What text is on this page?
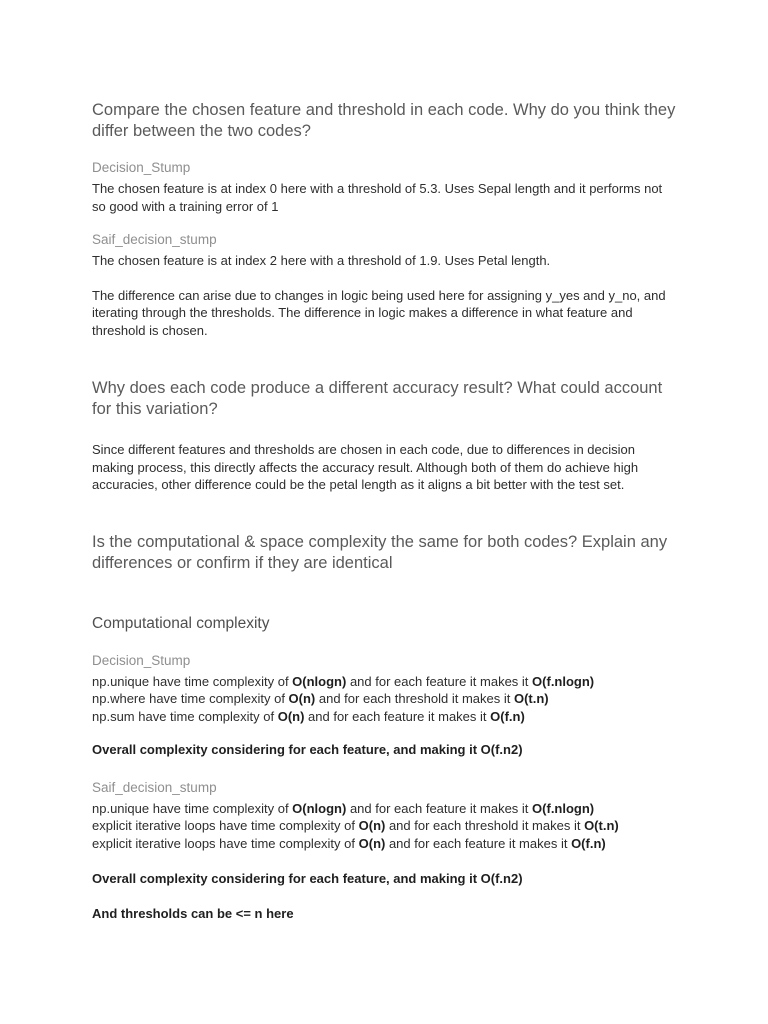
Compare the chosen feature and threshold in each code. Why do you think they differ between the two codes?

Decision_Stump

The chosen feature is at index 0 here with a threshold of 5.3. Uses Sepal length and it performs not so good with a training error of 1

Saif_decision_stump

The chosen feature is at index 2 here with a threshold of 1.9. Uses Petal length.

The difference can arise due to changes in logic being used here for assigning y_yes and y_no, and iterating through the thresholds. The difference in logic makes a difference in what feature and threshold is chosen.

Why does each code produce a different accuracy result? What could account for this variation?

Since different features and thresholds are chosen in each code, due to differences in decision making process, this directly affects the accuracy result. Although both of them do achieve high accuracies, other difference could be the petal length as it aligns a bit better with the test set.

Is the computational & space complexity the same for both codes? Explain any differences or confirm if they are identical
Computational complexity

Decision_Stump

np.unique have time complexity of O(nlogn) and for each feature it makes it O(f.nlogn)
np.where have time complexity of O(n) and for each threshold it makes it O(t.n)
np.sum have time complexity of O(n) and for each feature it makes it O(f.n)

Overall complexity considering for each feature, and making it O(f.n2)

Saif_decision_stump

np.unique have time complexity of O(nlogn) and for each feature it makes it O(f.nlogn)
explicit iterative loops have time complexity of O(n) and for each threshold it makes it O(t.n)
explicit iterative loops have time complexity of O(n) and for each feature it makes it O(f.n)

Overall complexity considering for each feature, and making it O(f.n2)

And thresholds can be <= n here
